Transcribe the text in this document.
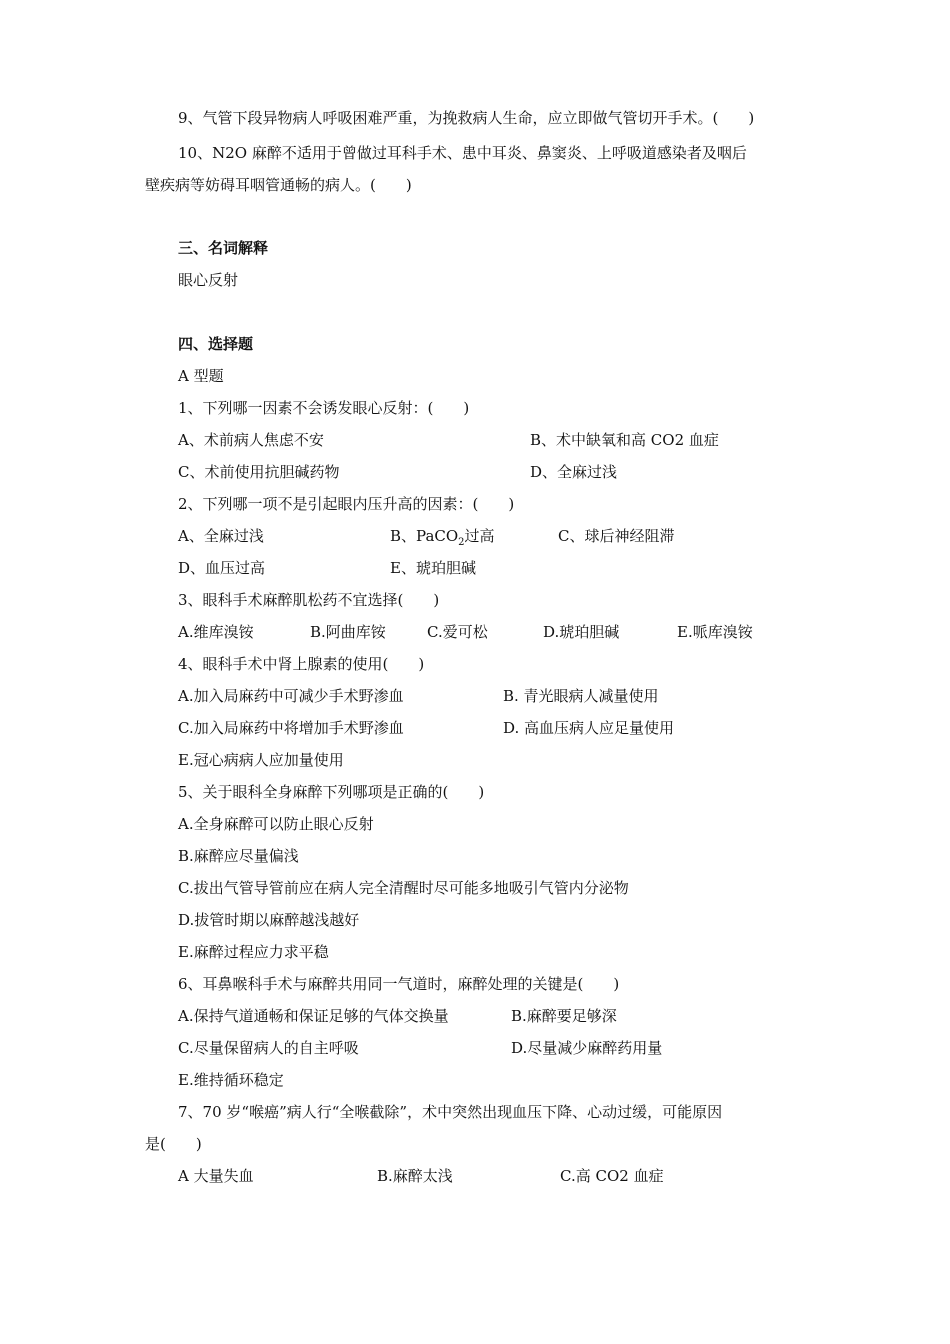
9、气管下段异物病人呼吸困难严重，为挽救病人生命，应立即做气管切开手术。(　　)
10、N2O 麻醉不适用于曾做过耳科手术、患中耳炎、鼻窦炎、上呼吸道感染者及咽后
壁疾病等妨碍耳咽管通畅的病人。(　　)
三、名词解释
眼心反射
四、选择题
A 型题
1、下列哪一因素不会诱发眼心反射：(　　)
A、术前病人焦虑不安	B、术中缺氧和高 CO2 血症
C、术前使用抗胆碱药物	D、全麻过浅
2、下列哪一项不是引起眼内压升高的因素：(　　)
A、全麻过浅	B、PaCO$_2$过高	C、球后神经阻滞
D、血压过高	E、琥珀胆碱
3、眼科手术麻醉肌松药不宜选择(　　)
A.维库溴铵	B.阿曲库铵	C.爱可松	D.琥珀胆碱	E.哌库溴铵
4、眼科手术中肾上腺素的使用(　　)
A.加入局麻药中可减少手术野渗血	B. 青光眼病人减量使用
C.加入局麻药中将增加手术野渗血	D. 高血压病人应足量使用
E.冠心病病人应加量使用
5、关于眼科全身麻醉下列哪项是正确的(　　)
A.全身麻醉可以防止眼心反射
B.麻醉应尽量偏浅
C.拔出气管导管前应在病人完全清醒时尽可能多地吸引气管内分泌物
D.拔管时期以麻醉越浅越好
E.麻醉过程应力求平稳
6、耳鼻喉科手术与麻醉共用同一气道时，麻醉处理的关键是(　　)
A.保持气道通畅和保证足够的气体交换量	B.麻醉要足够深
C.尽量保留病人的自主呼吸	D.尽量减少麻醉药用量
E.维持循环稳定
7、70 岁“喉癌”病人行“全喉截除”，术中突然出现血压下降、心动过缓，可能原因
是(　　)
A 大量失血	B.麻醉太浅	C.高 CO2 血症
